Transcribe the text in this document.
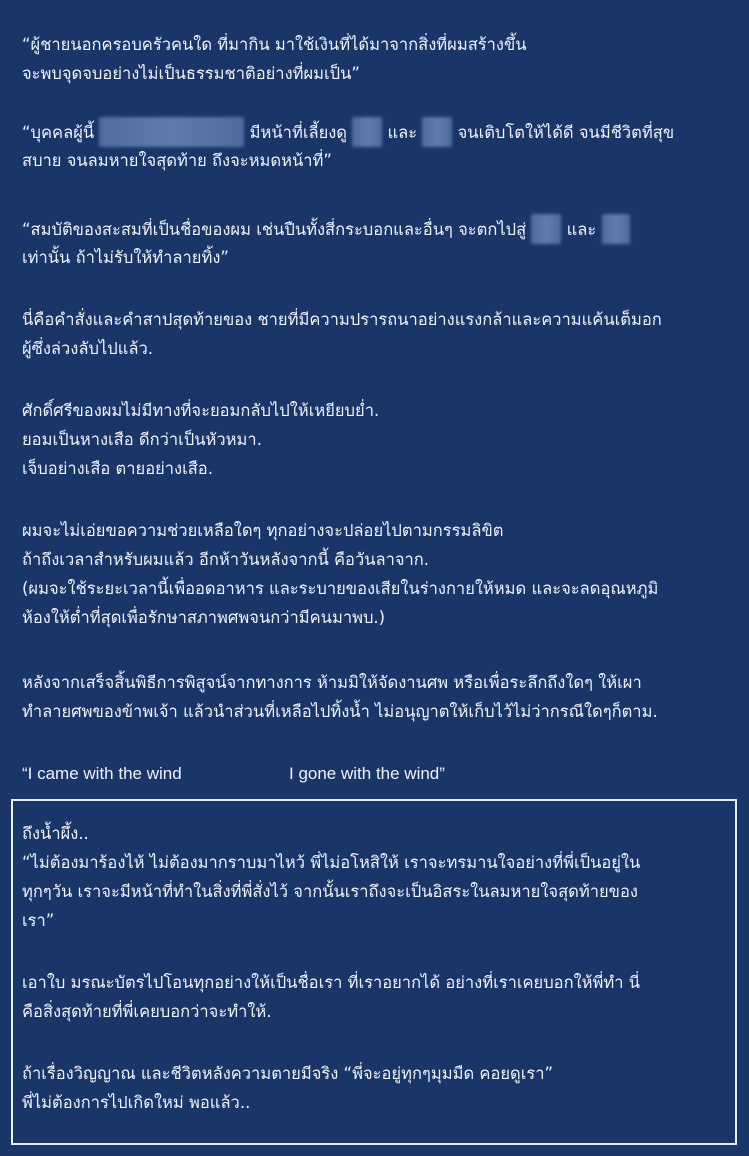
“ผู้ชายนอกครอบครัวคนใด ที่มากิน มาใช้เงินที่ได้มาจากสิ่งที่ผมสร้างขึ้น
จะพบจุดจบอย่างไม่เป็นธรรมชาติอย่างที่ผมเป็น”
“บุคคลผู้นี้	มีหน้าที่เลี้ยงดู  และ  จนเติบโตให้ได้ดี จนมีชีวิตที่สุข
สบาย จนลมหายใจสุดท้าย ถึงจะหมดหน้าที่”
“สมบัติของสะสมที่เป็นชื่อของผม เช่นปืนทั้งสี่กระบอกและอื่นๆ จะตกไปสู่  และ
เท่านั้น ถ้าไม่รับให้ทำลายทิ้ง”
นี่คือคำสั่งและคำสาปสุดท้ายของ ชายที่มีความปรารถนาอย่างแรงกล้าและความแค้นเต็มอก
ผู้ซึ่งล่วงลับไปแล้ว.
ศักดิ์ศรีของผมไม่มีทางที่จะยอมกลับไปให้เหยียบย่ำ.
ยอมเป็นหางเสือ ดีกว่าเป็นหัวหมา.
เจ็บอย่างเสือ ตายอย่างเสือ.
ผมจะไม่เอ่ยขอความช่วยเหลือใดๆ ทุกอย่างจะปล่อยไปตามกรรมลิขิต
ถ้าถึงเวลาสำหรับผมแล้ว อีกห้าวันหลังจากนี้ คือวันลาจาก.
(ผมจะใช้ระยะเวลานี้เพื่ออดอาหาร และระบายของเสียในร่างกายให้หมด และจะลดอุณหภูมิ
ห้องให้ต่ำที่สุดเพื่อรักษาสภาพศพจนกว่ามีคนมาพบ.)
หลังจากเสร็จสิ้นพิธีการพิสูจน์จากทางการ ห้ามมิให้จัดงานศพ หรือเพื่อระลึกถึงใดๆ ให้เผา
ทำลายศพของข้าพเจ้า แล้วนำส่วนที่เหลือไปทิ้งน้ำ ไม่อนุญาตให้เก็บไว้ไม่ว่ากรณีใดๆก็ตาม.
“I came with the wind	I gone with the wind”
ถึงน้ำผึ้ง..
“ไม่ต้องมาร้องไห้ ไม่ต้องมากราบมาไหว้ พี่ไม่อโหสิให้ เราจะทรมานใจอย่างที่พี่เป็นอยู่ใน
ทุกๆวัน เราจะมีหน้าที่ทำในสิ่งที่พี่สั่งไว้ จากนั้นเราถึงจะเป็นอิสระในลมหายใจสุดท้ายของ
เรา”
เอาใบ มรณะบัตรไปโอนทุกอย่างให้เป็นชื่อเรา ที่เราอยากได้ อย่างที่เราเคยบอกให้พี่ทำ นี่
คือสิ่งสุดท้ายที่พี่เคยบอกว่าจะทำให้.
ถ้าเรื่องวิญญาณ และชีวิตหลังความตายมีจริง “พี่จะอยู่ทุกๆมุมมืด คอยดูเรา”
พี่ไม่ต้องการไปเกิดใหม่ พอแล้ว..
